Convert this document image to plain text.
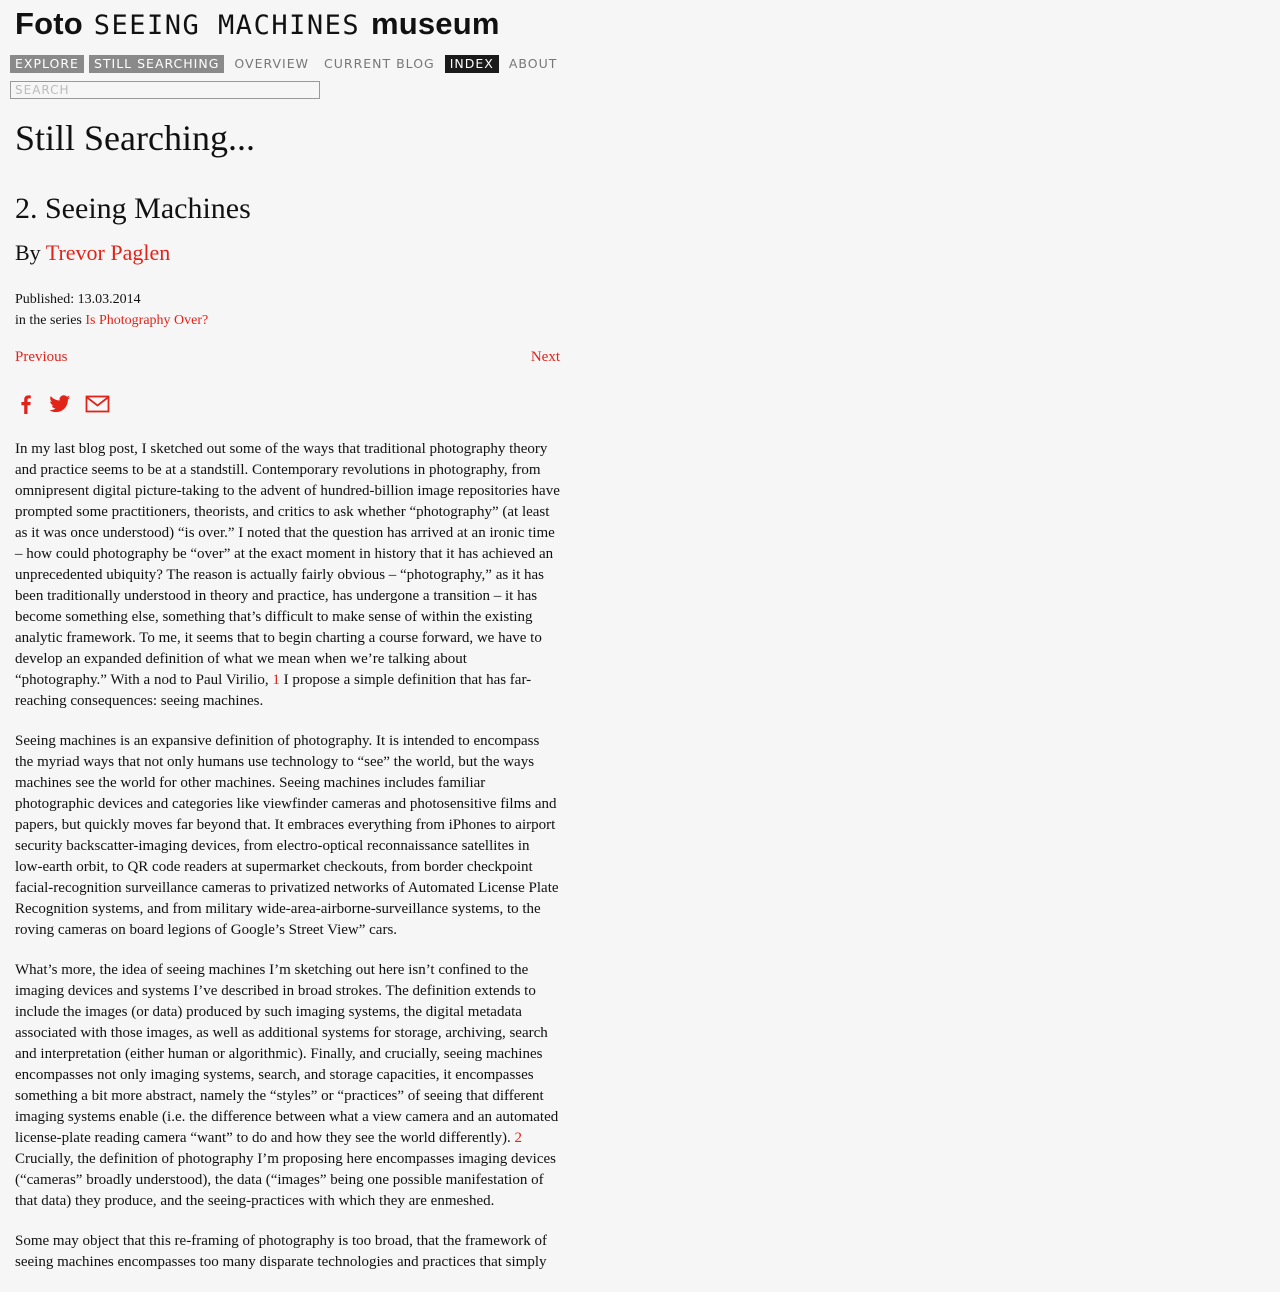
Foto SEEING MACHINES museum
EXPLORE	STILL SEARCHING	OVERVIEW	CURRENT BLOG	INDEX	ABOUT
SEARCH
Still Searching...
2. Seeing Machines
By Trevor Paglen
Published: 13.03.2014
in the series Is Photography Over?
Previous	Next

In my last blog post, I sketched out some of the ways that traditional photography theory and practice seems to be at a standstill. Contemporary revolutions in photography, from omnipresent digital picture-taking to the advent of hundred-billion image repositories have prompted some practitioners, theorists, and critics to ask whether “photography” (at least as it was once understood) “is over.” I noted that the question has arrived at an ironic time – how could photography be “over” at the exact moment in history that it has achieved an unprecedented ubiquity? The reason is actually fairly obvious – “photography,” as it has been traditionally understood in theory and practice, has undergone a transition – it has become something else, something that’s difficult to make sense of within the existing analytic framework. To me, it seems that to begin charting a course forward, we have to develop an expanded definition of what we mean when we’re talking about “photography.” With a nod to Paul Virilio, 1 I propose a simple definition that has far-reaching consequences: seeing machines.

Seeing machines is an expansive definition of photography. It is intended to encompass the myriad ways that not only humans use technology to “see” the world, but the ways machines see the world for other machines. Seeing machines includes familiar photographic devices and categories like viewfinder cameras and photosensitive films and papers, but quickly moves far beyond that. It embraces everything from iPhones to airport security backscatter-imaging devices, from electro-optical reconnaissance satellites in low-earth orbit, to QR code readers at supermarket checkouts, from border checkpoint facial-recognition surveillance cameras to privatized networks of Automated License Plate Recognition systems, and from military wide-area-airborne-surveillance systems, to the roving cameras on board legions of Google’s Street View” cars.

What’s more, the idea of seeing machines I’m sketching out here isn’t confined to the imaging devices and systems I’ve described in broad strokes. The definition extends to include the images (or data) produced by such imaging systems, the digital metadata associated with those images, as well as additional systems for storage, archiving, search and interpretation (either human or algorithmic). Finally, and crucially, seeing machines encompasses not only imaging systems, search, and storage capacities, it encompasses something a bit more abstract, namely the “styles” or “practices” of seeing that different imaging systems enable (i.e. the difference between what a view camera and an automated license-plate reading camera “want” to do and how they see the world differently). 2 Crucially, the definition of photography I’m proposing here encompasses imaging devices (“cameras” broadly understood), the data (“images” being one possible manifestation of that data) they produce, and the seeing-practices with which they are enmeshed.

Some may object that this re-framing of photography is too broad, that the framework of seeing machines encompasses too many disparate technologies and practices that simply
